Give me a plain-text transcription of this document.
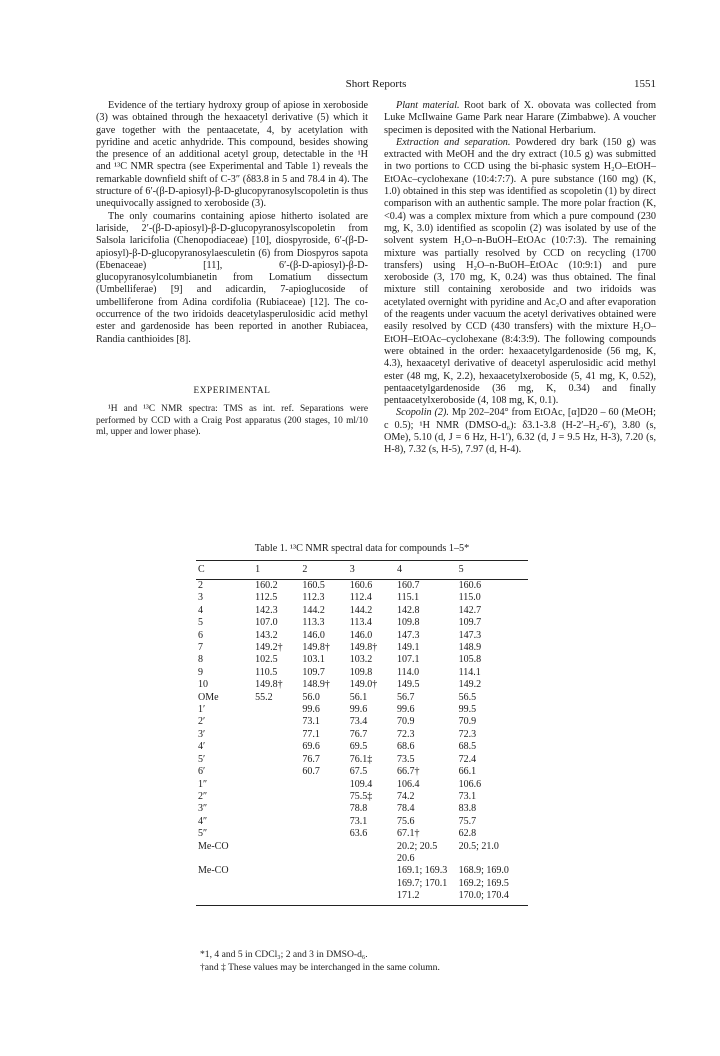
Short Reports	1551

Evidence of the tertiary hydroxy group of apiose in xeroboside (3) was obtained through the hexaacetyl derivative (5) which it gave together with the pentaacetate, 4, by acetylation with pyridine and acetic anhydride. This compound, besides showing the presence of an additional acetyl group, detectable in the ¹H and ¹³C NMR spectra (see Experimental and Table 1) reveals the remarkable downfield shift of C-3″ (δ83.8 in 5 and 78.4 in 4). The structure of 6′-(β-D-apiosyl)-β-D-glucopyranosylscopoletin is thus unequivocally assigned to xeroboside (3).

The only coumarins containing apiose hitherto isolated are lariside, 2′-(β-D-apiosyl)-β-D-glucopyranosylscopoletin from Salsola laricifolia (Chenopodiaceae) [10], diospyroside, 6′-(β-D-apiosyl)-β-D-glucopyranosylaesculetin (6) from Diospyros sapota (Ebenaceae) [11], 6′-(β-D-apiosyl)-β-D-glucopyranosylcolumbianetin from Lomatium dissectum (Umbelliferae) [9] and adicardin, 7-apioglucoside of umbelliferone from Adina cordifolia (Rubiaceae) [12]. The co-occurrence of the two iridoids deacetylasperulosidic acid methyl ester and gardenoside has been reported in another Rubiacea, Randia canthioides [8].

EXPERIMENTAL

¹H and ¹³C NMR spectra: TMS as int. ref. Separations were performed by CCD with a Craig Post apparatus (200 stages, 10 ml/10 ml, upper and lower phase).

Plant material. Root bark of X. obovata was collected from Luke McIlwaine Game Park near Harare (Zimbabwe). A voucher specimen is deposited with the National Herbarium.

Extraction and separation. Powdered dry bark (150 g) was extracted with MeOH and the dry extract (10.5 g) was submitted in two portions to CCD using the bi-phasic system H₂O–EtOH–EtOAc–cyclohexane (10:4:7:7). A pure substance (160 mg) (K, 1.0) obtained in this step was identified as scopoletin (1) by direct comparison with an authentic sample. The more polar fraction (K, <0.4) was a complex mixture from which a pure compound (230 mg, K, 3.0) identified as scopolin (2) was isolated by use of the solvent system H₂O–n-BuOH–EtOAc (10:7:3). The remaining mixture was partially resolved by CCD on recycling (1700 transfers) using H₂O–n-BuOH–EtOAc (10:9:1) and pure xeroboside (3, 170 mg, K, 0.24) was thus obtained. The final mixture still containing xeroboside and two iridoids was acetylated overnight with pyridine and Ac₂O and after evaporation of the reagents under vacuum the acetyl derivatives obtained were easily resolved by CCD (430 transfers) with the mixture H₂O–EtOH–EtOAc–cyclohexane (8:4:3:9). The following compounds were obtained in the order: hexaacetylgardenoside (56 mg, K, 4.3), hexaacetyl derivative of deacetyl asperulosidic acid methyl ester (48 mg, K, 2.2), hexaacetylxeroboside (5, 41 mg, K, 0.52), pentaacetylgardenoside (36 mg, K, 0.34) and finally pentaacetylxeroboside (4, 108 mg, K, 0.1).

Scopolin (2). Mp 202–204° from EtOAc, [α]D20 – 60 (MeOH; c 0.5); ¹H NMR (DMSO-d₆): δ3.1-3.8 (H-2′–H₂-6′), 3.80 (s, OMe), 5.10 (d, J = 6 Hz, H-1′), 6.32 (d, J = 9.5 Hz, H-3), 7.20 (s, H-8), 7.32 (s, H-5), 7.97 (d, H-4).

Table 1. ¹³C NMR spectral data for compounds 1–5*
C	1	2	3	4	5
2	160.2	160.5	160.6	160.7	160.6
3	112.5	112.3	112.4	115.1	115.0
4	142.3	144.2	144.2	142.8	142.7
5	107.0	113.3	113.4	109.8	109.7
6	143.2	146.0	146.0	147.3	147.3
7	149.2†	149.8†	149.8†	149.1	148.9
8	102.5	103.1	103.2	107.1	105.8
9	110.5	109.7	109.8	114.0	114.1
10	149.8†	148.9†	149.0†	149.5	149.2
OMe	55.2	56.0	56.1	56.7	56.5
1′		99.6	99.6	99.6	99.5
2′		73.1	73.4	70.9	70.9
3′		77.1	76.7	72.3	72.3
4′		69.6	69.5	68.6	68.5
5′		76.7	76.1‡	73.5	72.4
6′		60.7	67.5	66.7†	66.1
1″			109.4	106.4	106.6
2″			75.5‡	74.2	73.1
3″			78.8	78.4	83.8
4″			73.1	75.6	75.7
5″			63.6	67.1†	62.8
Me-CO				20.2; 20.5	20.5; 21.0
				20.6	
Me-CO				169.1; 169.3	168.9; 169.0
				169.7; 170.1	169.2; 169.5
				171.2	170.0; 170.4
*1, 4 and 5 in CDCl₃; 2 and 3 in DMSO-d₆.
†and ‡ These values may be interchanged in the same column.
